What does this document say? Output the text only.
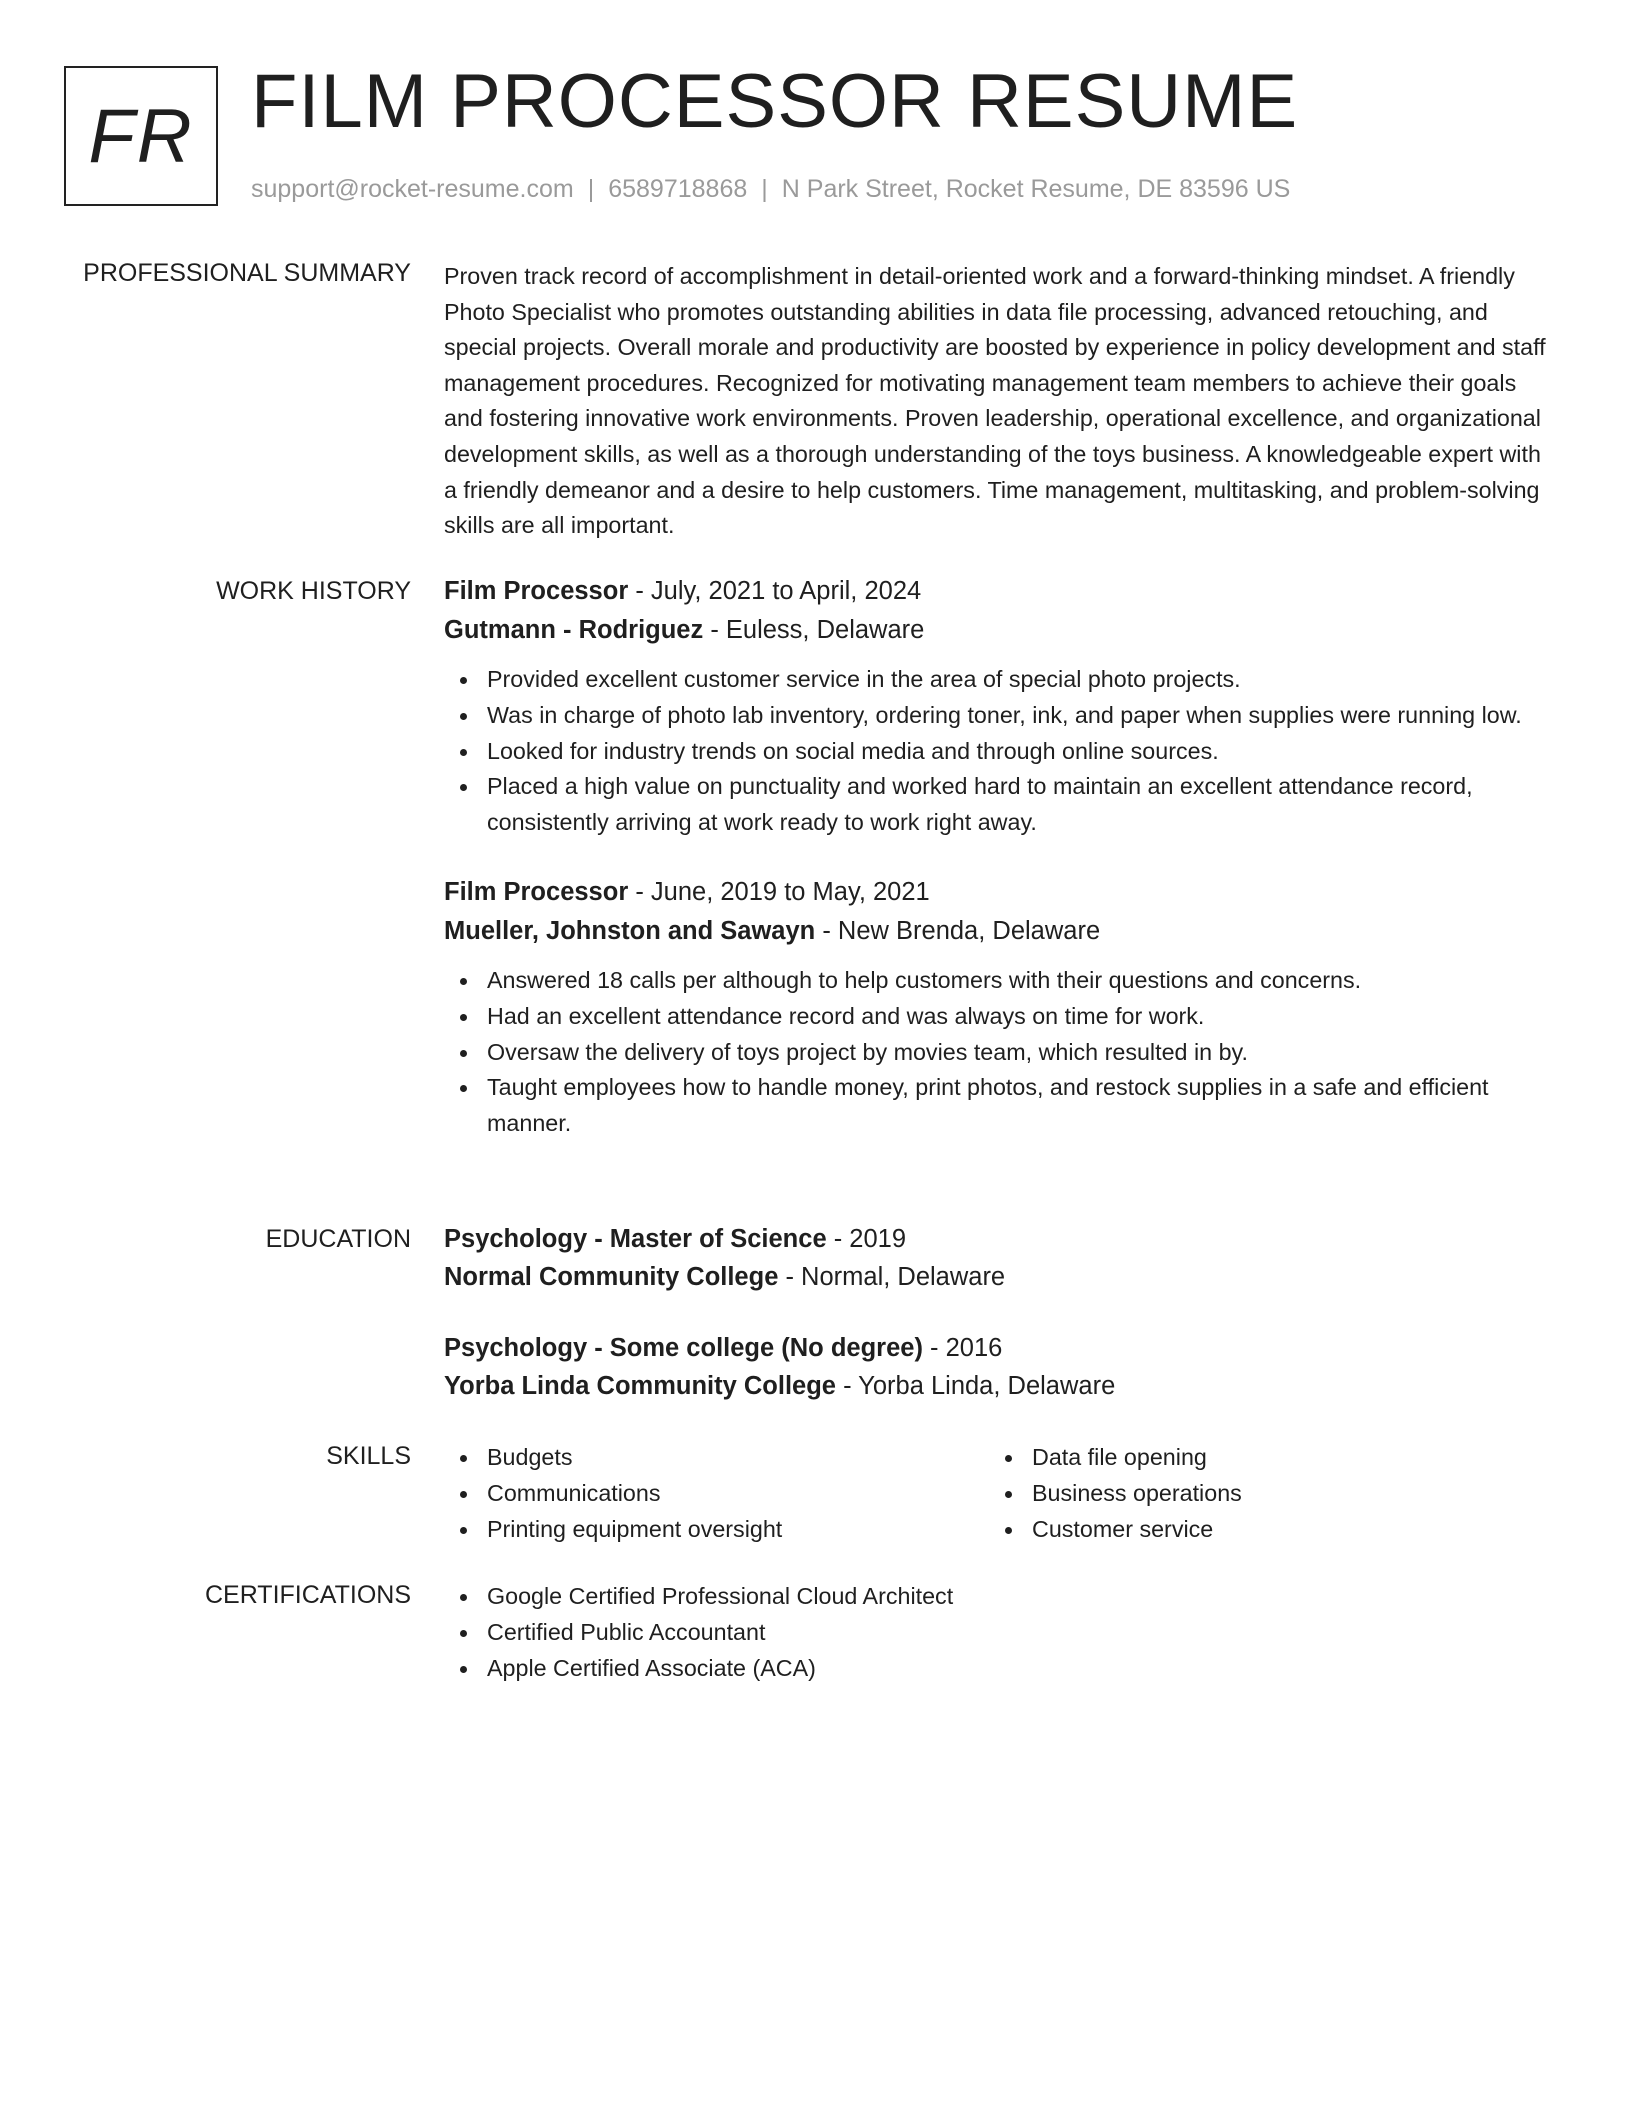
FR FILM PROCESSOR RESUME
support@rocket-resume.com | 6589718868 | N Park Street, Rocket Resume, DE 83596 US
PROFESSIONAL SUMMARY Proven track record of accomplishment in detail-oriented work and a forward-thinking mindset. A friendly Photo Specialist who promotes outstanding abilities in data file processing, advanced retouching, and special projects. Overall morale and productivity are boosted by experience in policy development and staff management procedures. Recognized for motivating management team members to achieve their goals and fostering innovative work environments. Proven leadership, operational excellence, and organizational development skills, as well as a thorough understanding of the toys business. A knowledgeable expert with a friendly demeanor and a desire to help customers. Time management, multitasking, and problem-solving skills are all important.

WORK HISTORY Film Processor - July, 2021 to April, 2024
Gutmann - Rodriguez - Euless, Delaware
Provided excellent customer service in the area of special photo projects.
Was in charge of photo lab inventory, ordering toner, ink, and paper when supplies were running low.
Looked for industry trends on social media and through online sources.
Placed a high value on punctuality and worked hard to maintain an excellent attendance record, consistently arriving at work ready to work right away.
Film Processor - June, 2019 to May, 2021
Mueller, Johnston and Sawayn - New Brenda, Delaware
Answered 18 calls per although to help customers with their questions and concerns.
Had an excellent attendance record and was always on time for work.
Oversaw the delivery of toys project by movies team, which resulted in by.
Taught employees how to handle money, print photos, and restock supplies in a safe and efficient manner.
EDUCATION Psychology - Master of Science - 2019
Normal Community College - Normal, Delaware
Psychology - Some college (No degree) - 2016
Yorba Linda Community College - Yorba Linda, Delaware
SKILLS	Budgets
Communications
Printing equipment oversight
Data file opening
Business operations
Customer service
CERTIFICATIONS	Google Certified Professional Cloud Architect
Certified Public Accountant
Apple Certified Associate (ACA)
